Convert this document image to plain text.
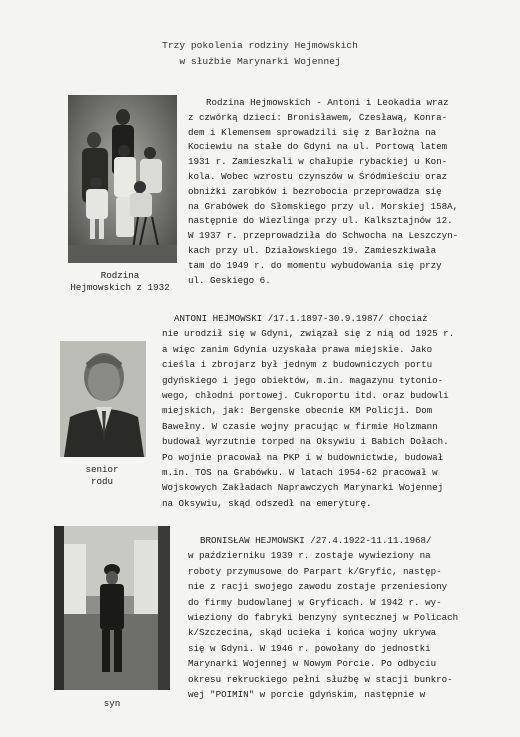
Trzy pokolenia rodziny Hejmowskich
w służbie Marynarki Wojennej
Rodzina
Hejmowskich z 1932
Rodzina Hejmowskich - Antoni i Leokadia wraz
z czwórką dzieci: Bronisławem, Czesławą, Konra-
dem i Klemensem sprowadzili się z Barłożna na
Kociewiu na stałe do Gdyni na ul. Portową latem
1931 r. Zamieszkali w chałupie rybackiej u Kon-
kola. Wobec wzrostu czynszów w Śródmieściu oraz
obniżki zarobków i bezrobocia przeprowadza się
na Grabówek do Słomskiego przy ul. Morskiej 158A,
następnie do Wiezlinga przy ul. Kalksztajnów 12.
W 1937 r. przeprowadziła do Schwocha na Leszczyn-
kach przy ul. Działowskiego 19. Zamieszkiwała
tam do 1949 r. do momentu wybudowania się przy
ul. Geskiego 6.
senior
rodu
ANTONI HEJMOWSKI /17.1.1897-30.9.1987/ chociaż
nie urodził się w Gdyni, związał się z nią od 1925 r.
a więc zanim Gdynia uzyskała prawa miejskie. Jako
cieśla i zbrojarz był jednym z budowniczych portu
gdyńskiego i jego obiektów, m.in. magazynu tytonio-
wego, chłodni portowej. Cukroportu itd. oraz budowli
miejskich, jak: Bergenske obecnie KM Policji. Dom
Bawełny. W czasie wojny pracując w firmie Holzmann
budował wyrzutnie torped na Oksywiu i Babich Dołach.
Po wojnie pracował na PKP i w budownictwie, budował
m.in. TOS na Grabówku. W latach 1954-62 pracował w
Wojskowych Zakładach Naprawczych Marynarki Wojennej
na Oksywiu, skąd odszedł na emeryturę.
syn
BRONISŁAW HEJMOWSKI /27.4.1922-11.11.1968/
w październiku 1939 r. zostaje wywieziony na
roboty przymusowe do Parpart k/Gryfic, następ-
nie z racji swojego zawodu zostaje przeniesiony
do firmy budowlanej w Gryficach. W 1942 r. wy-
wieziony do fabryki benzyny syntecznej w Policach
k/Szczecina, skąd ucieka i końca wojny ukrywa
się w Gdyni. W 1946 r. powołany do jednostki
Marynarki Wojennej w Nowym Porcie. Po odbyciu
okresu rekruckiego pełni służbę w stacji bunkro-
wej "POIMIN" w porcie gdyńskim, następnie w
